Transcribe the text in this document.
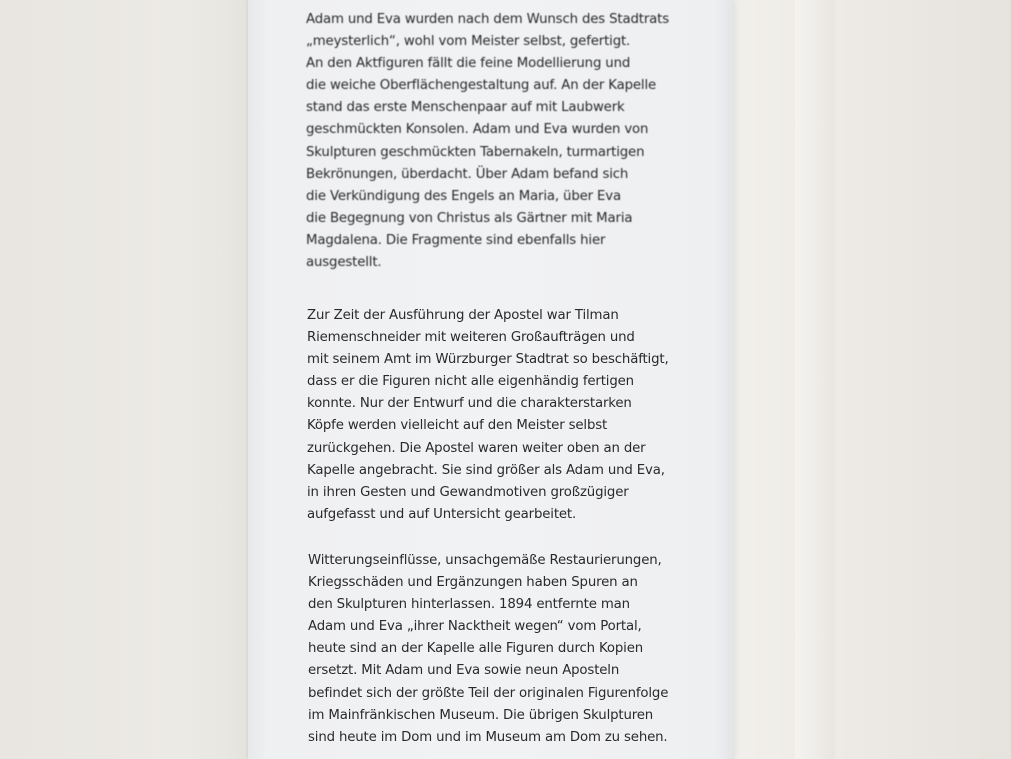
Adam und Eva wurden nach dem Wunsch des Stadtrats
„meysterlich“, wohl vom Meister selbst, gefertigt.
An den Aktfiguren fällt die feine Modellierung und
die weiche Oberflächengestaltung auf. An der Kapelle
stand das erste Menschenpaar auf mit Laubwerk
geschmückten Konsolen. Adam und Eva wurden von
Skulpturen geschmückten Tabernakeln, turmartigen
Bekrönungen, überdacht. Über Adam befand sich
die Verkündigung des Engels an Maria, über Eva
die Begegnung von Christus als Gärtner mit Maria
Magdalena. Die Fragmente sind ebenfalls hier
ausgestellt.
Zur Zeit der Ausführung der Apostel war Tilman
Riemenschneider mit weiteren Großaufträgen und
mit seinem Amt im Würzburger Stadtrat so beschäftigt,
dass er die Figuren nicht alle eigenhändig fertigen
konnte. Nur der Entwurf und die charakterstarken
Köpfe werden vielleicht auf den Meister selbst
zurückgehen. Die Apostel waren weiter oben an der
Kapelle angebracht. Sie sind größer als Adam und Eva,
in ihren Gesten und Gewandmotiven großzügiger
aufgefasst und auf Untersicht gearbeitet.
Witterungseinflüsse, unsachgemäße Restaurierungen,
Kriegsschäden und Ergänzungen haben Spuren an
den Skulpturen hinterlassen. 1894 entfernte man
Adam und Eva „ihrer Nacktheit wegen“ vom Portal,
heute sind an der Kapelle alle Figuren durch Kopien
ersetzt. Mit Adam und Eva sowie neun Aposteln
befindet sich der größte Teil der originalen Figurenfolge
im Mainfränkischen Museum. Die übrigen Skulpturen
sind heute im Dom und im Museum am Dom zu sehen.
